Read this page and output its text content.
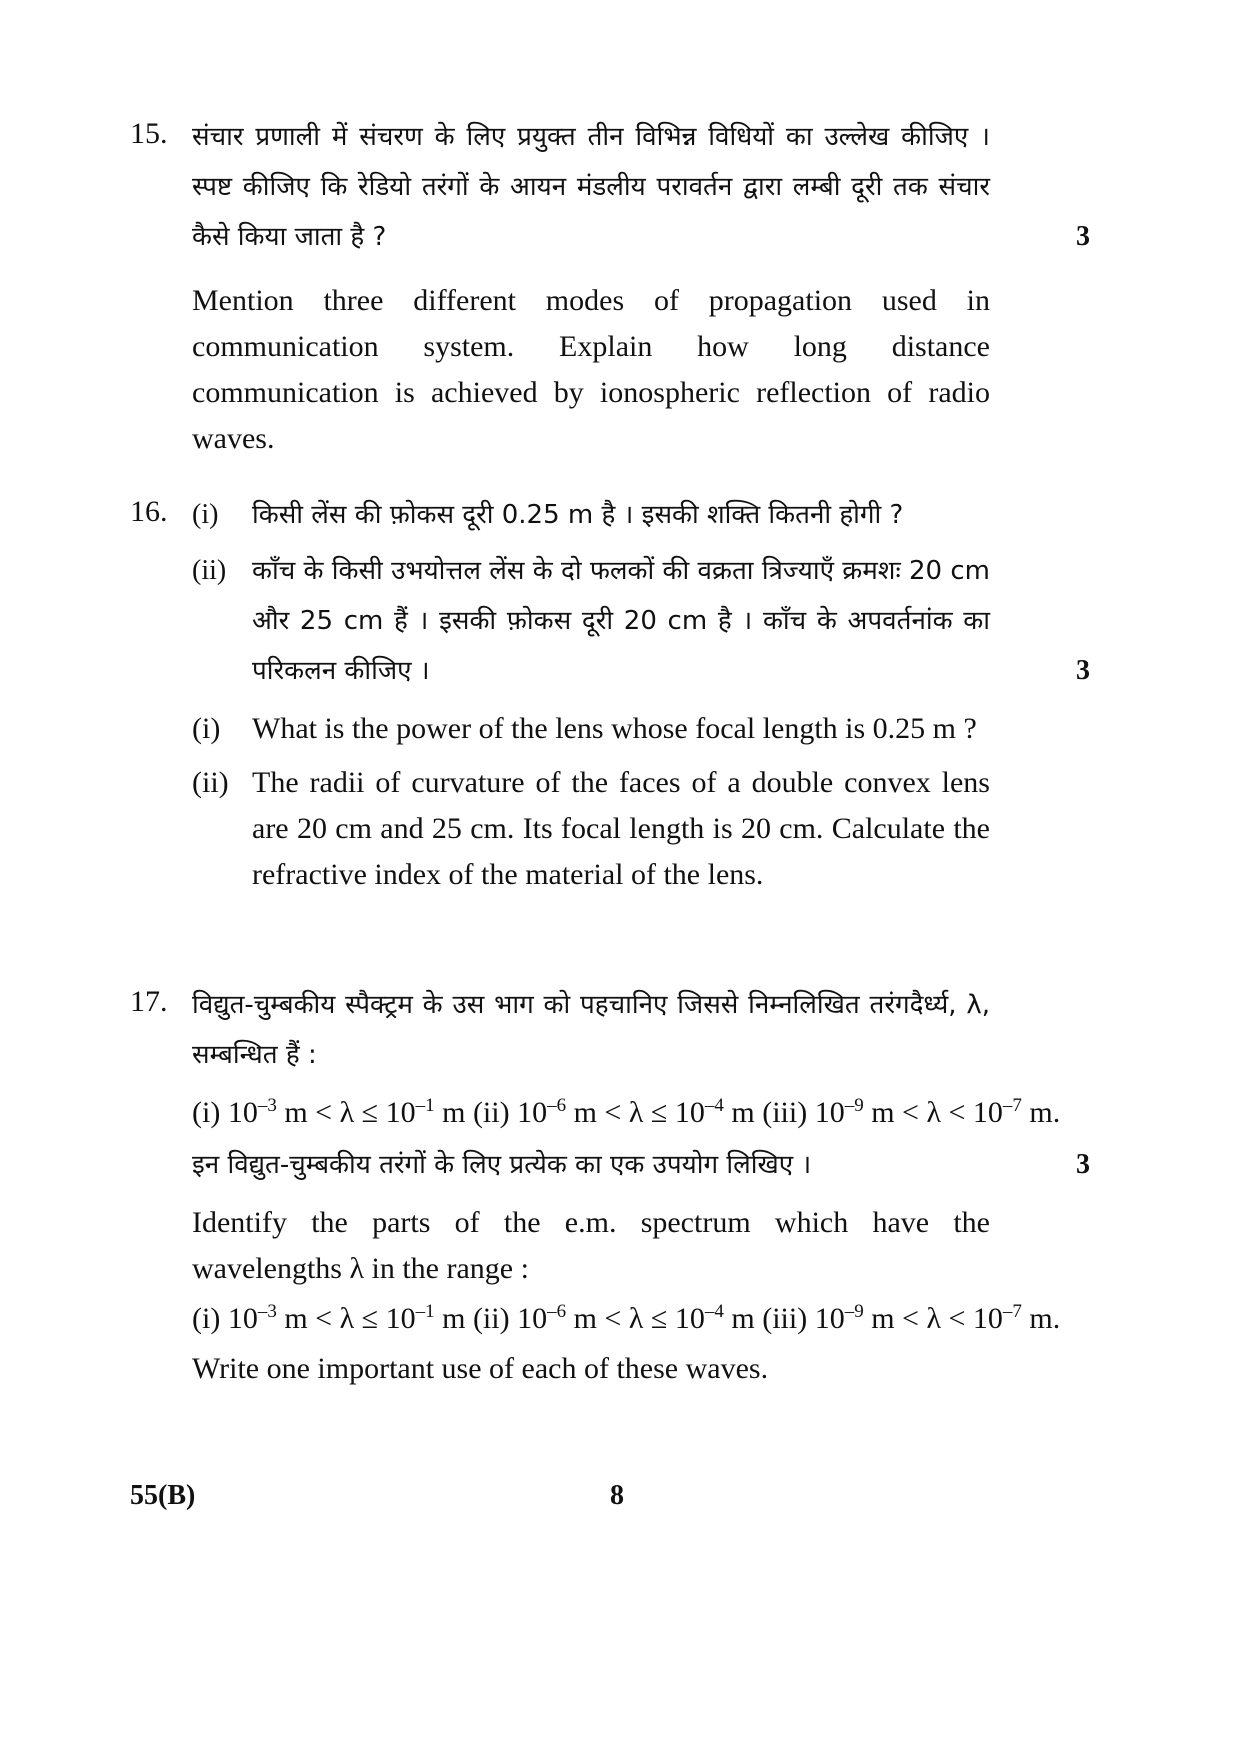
15. संचार प्रणाली में संचरण के लिए प्रयुक्त तीन विभिन्न विधियों का उल्लेख कीजिए । स्पष्ट कीजिए कि रेडियो तरंगों के आयन मंडलीय परावर्तन द्वारा लम्बी दूरी तक संचार कैसे किया जाता है ?	3

Mention three different modes of propagation used in communication system. Explain how long distance communication is achieved by ionospheric reflection of radio waves.

16. (i) किसी लेंस की फ़ोकस दूरी 0.25 m है । इसकी शक्ति कितनी होगी ?
(ii) काँच के किसी उभयोत्तल लेंस के दो फलकों की वक्रता त्रिज्याएँ क्रमशः 20 cm और 25 cm हैं । इसकी फ़ोकस दूरी 20 cm है । काँच के अपवर्तनांक का परिकलन कीजिए ।	3
(i) What is the power of the lens whose focal length is 0.25 m ?
(ii) The radii of curvature of the faces of a double convex lens are 20 cm and 25 cm. Its focal length is 20 cm. Calculate the refractive index of the material of the lens.
17. विद्युत-चुम्बकीय स्पैक्ट्रम के उस भाग को पहचानिए जिससे निम्नलिखित तरंगदैर्ध्य, λ, सम्बन्धित हैं :

(i) $10^{-3}$ $m < \lambda \le 10^{-1}$ m (ii) $10^{-6}$ $m < \lambda \le 10^{-4}$ m (iii) $10^{-9}$ $m < \lambda < 10^{-7}$ m.

इन विद्युत-चुम्बकीय तरंगों के लिए प्रत्येक का एक उपयोग लिखिए ।	3

Identify the parts of the e.m. spectrum which have the wavelengths λ in the range :

(i) $10^{-3}$ $m < \lambda \le 10^{-1}$ m (ii) $10^{-6}$ $m < \lambda \le 10^{-4}$ m (iii) $10^{-9}$ $m < \lambda < 10^{-7}$ m.

Write one important use of each of these waves.

55(B)	8
